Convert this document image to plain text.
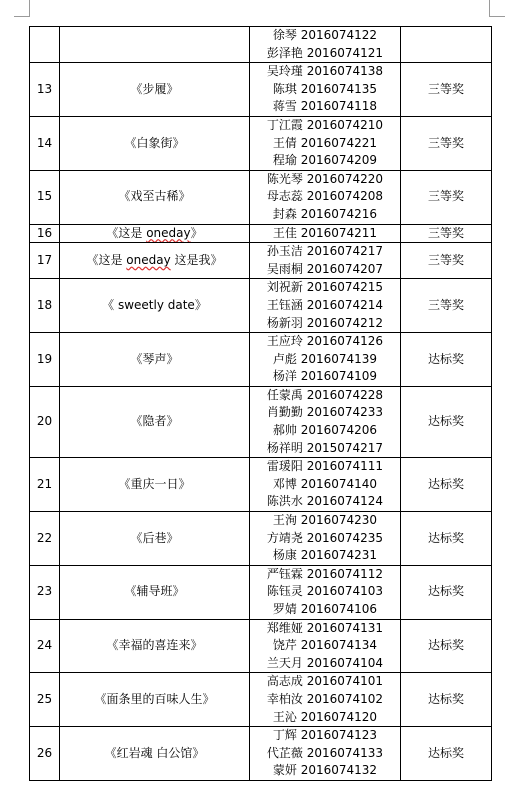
		徐琴 2016074122
彭泽艳 2016074121	

13	《步履》	吴玲瑾 2016074138
陈琪 2016074135
蒋雪 2016074118	三等奖
14	《白象街》	丁江霞 2016074210
王倩 2016074221
程瑜 2016074209	三等奖
15	《戏至古稀》	陈光琴 2016074220
母志蕊 2016074208
封森 2016074216	三等奖
16	《这是 oneday》	王佳 2016074211	三等奖
17	《这是 oneday 这是我》	孙玉洁 2016074217
吴雨桐 2016074207	三等奖
18	《 sweetly date》	刘祝新 2016074215
王钰涵 2016074214
杨新羽 2016074212	三等奖
19	《琴声》	王应玲 2016074126
卢彪 2016074139
杨洋 2016074109	达标奖
20	《隐者》	任蒙禹 2016074228
肖勤勤 2016074233
郝帅 2016074206
杨祥明 2015074217	达标奖
21	《重庆一日》	雷瑗阳 2016074111
邓博 2016074140
陈洪水 2016074124	达标奖
22	《后巷》	王洵 2016074230
方靖尧 2016074235
杨康 2016074231	达标奖
23	《辅导班》	严钰霖 2016074112
陈钰灵 2016074103
罗婧 2016074106	达标奖
24	《幸福的喜连来》	郑维娅 2016074131
饶芹 2016074134
兰天月 2016074104	达标奖
25	《面条里的百味人生》	高志成 2016074101
幸柏汝 2016074102
王沁 2016074120	达标奖
26	《红岩魂 白公馆》	丁辉 2016074123
代芷薇 2016074133
蒙妍 2016074132	达标奖
